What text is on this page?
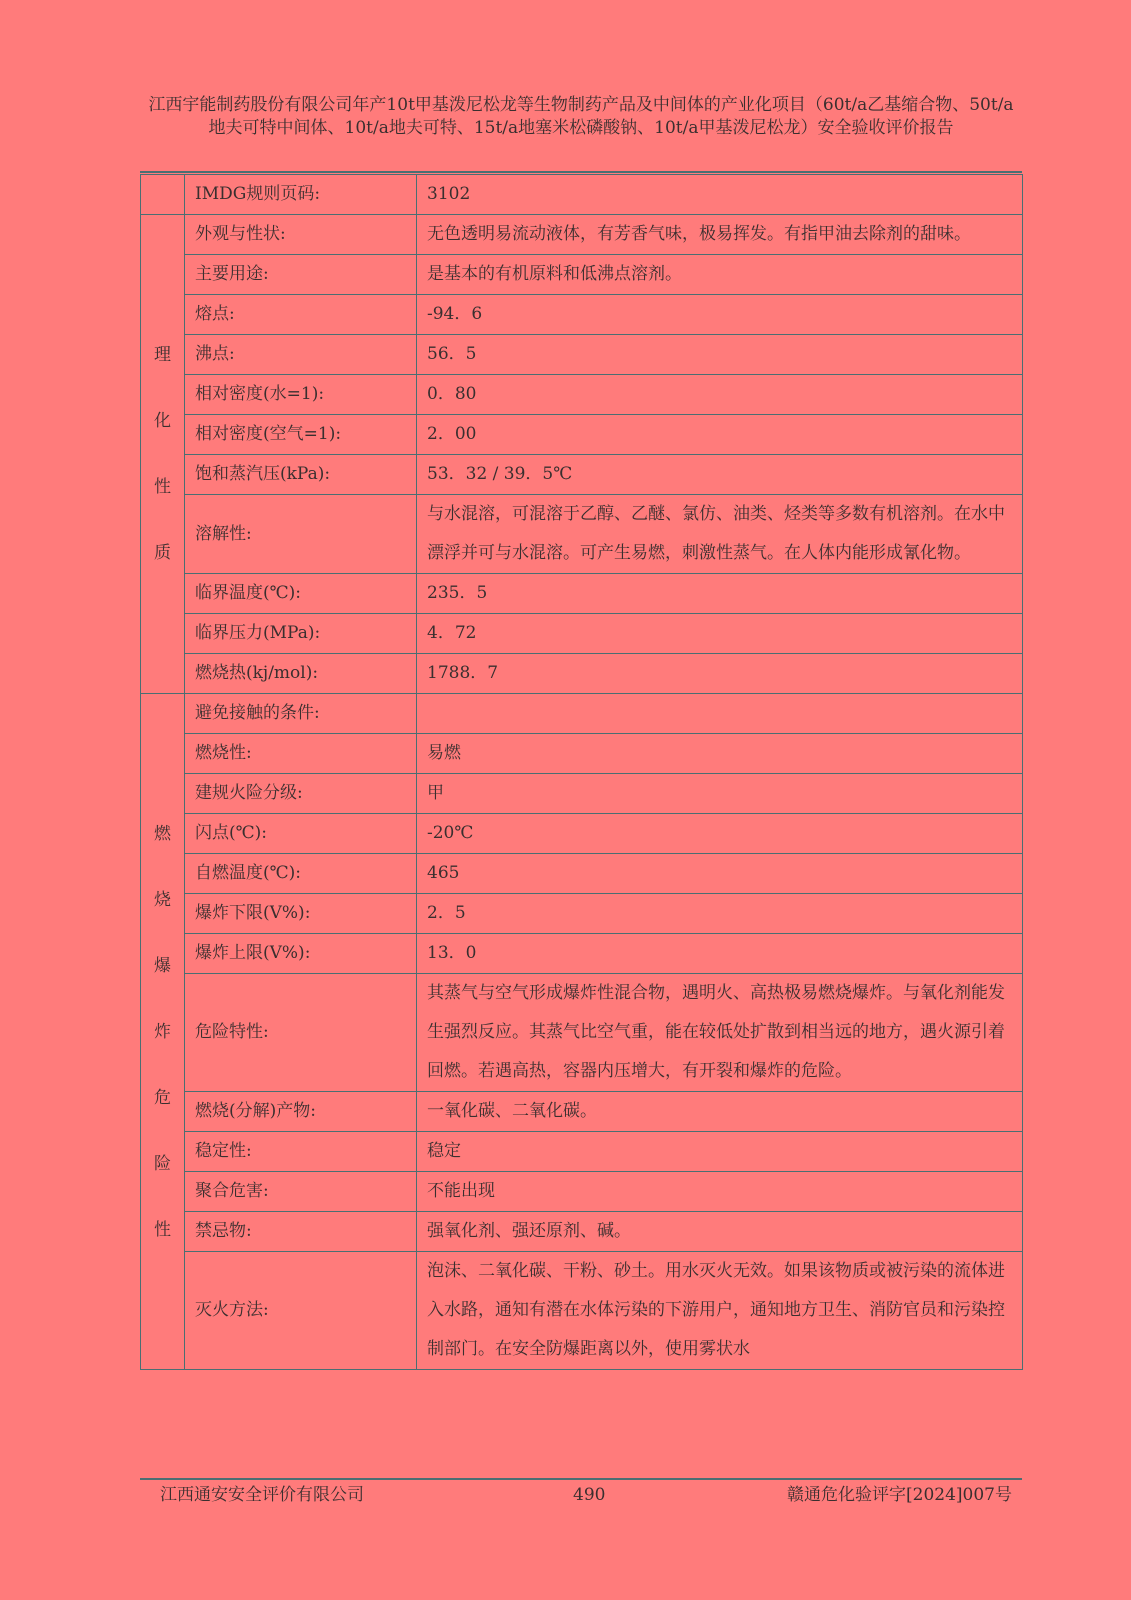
江西宇能制药股份有限公司年产10t甲基泼尼松龙等生物制药产品及中间体的产业化项目（60t/a乙基缩合物、50t/a地夫可特中间体、10t/a地夫可特、15t/a地塞米松磷酸钠、10t/a甲基泼尼松龙）安全验收评价报告
	IMDG规则页码:	3102
理化性质	外观与性状:	无色透明易流动液体，有芳香气味，极易挥发。有指甲油去除剂的甜味。
	主要用途:	是基本的有机原料和低沸点溶剂。
	熔点:	-94．6
	沸点:	56．5
	相对密度(水=1):	0．80
	相对密度(空气=1):	2．00
	饱和蒸汽压(kPa):	53．32 / 39．5℃
	溶解性:	与水混溶，可混溶于乙醇、乙醚、氯仿、油类、烃类等多数有机溶剂。在水中漂浮并可与水混溶。可产生易燃，刺激性蒸气。在人体内能形成氰化物。
	临界温度(℃):	235．5
	临界压力(MPa):	4．72
	燃烧热(kj/mol):	1788．7
燃烧爆炸危险性	避免接触的条件:	
	燃烧性:	易燃
	建规火险分级:	甲
	闪点(℃):	-20℃
	自燃温度(℃):	465
	爆炸下限(V%):	2．5
	爆炸上限(V%):	13．0
	危险特性:	其蒸气与空气形成爆炸性混合物，遇明火、高热极易燃烧爆炸。与氧化剂能发生强烈反应。其蒸气比空气重，能在较低处扩散到相当远的地方，遇火源引着回燃。若遇高热，容器内压增大，有开裂和爆炸的危险。
	燃烧(分解)产物:	一氧化碳、二氧化碳。
	稳定性:	稳定
	聚合危害:	不能出现
	禁忌物:	强氧化剂、强还原剂、碱。
	灭火方法:	泡沫、二氧化碳、干粉、砂土。用水灭火无效。如果该物质或被污染的流体进入水路，通知有潜在水体污染的下游用户，通知地方卫生、消防官员和污染控制部门。在安全防爆距离以外，使用雾状水
江西通安安全评价有限公司	490	赣通危化验评字[2024]007号
